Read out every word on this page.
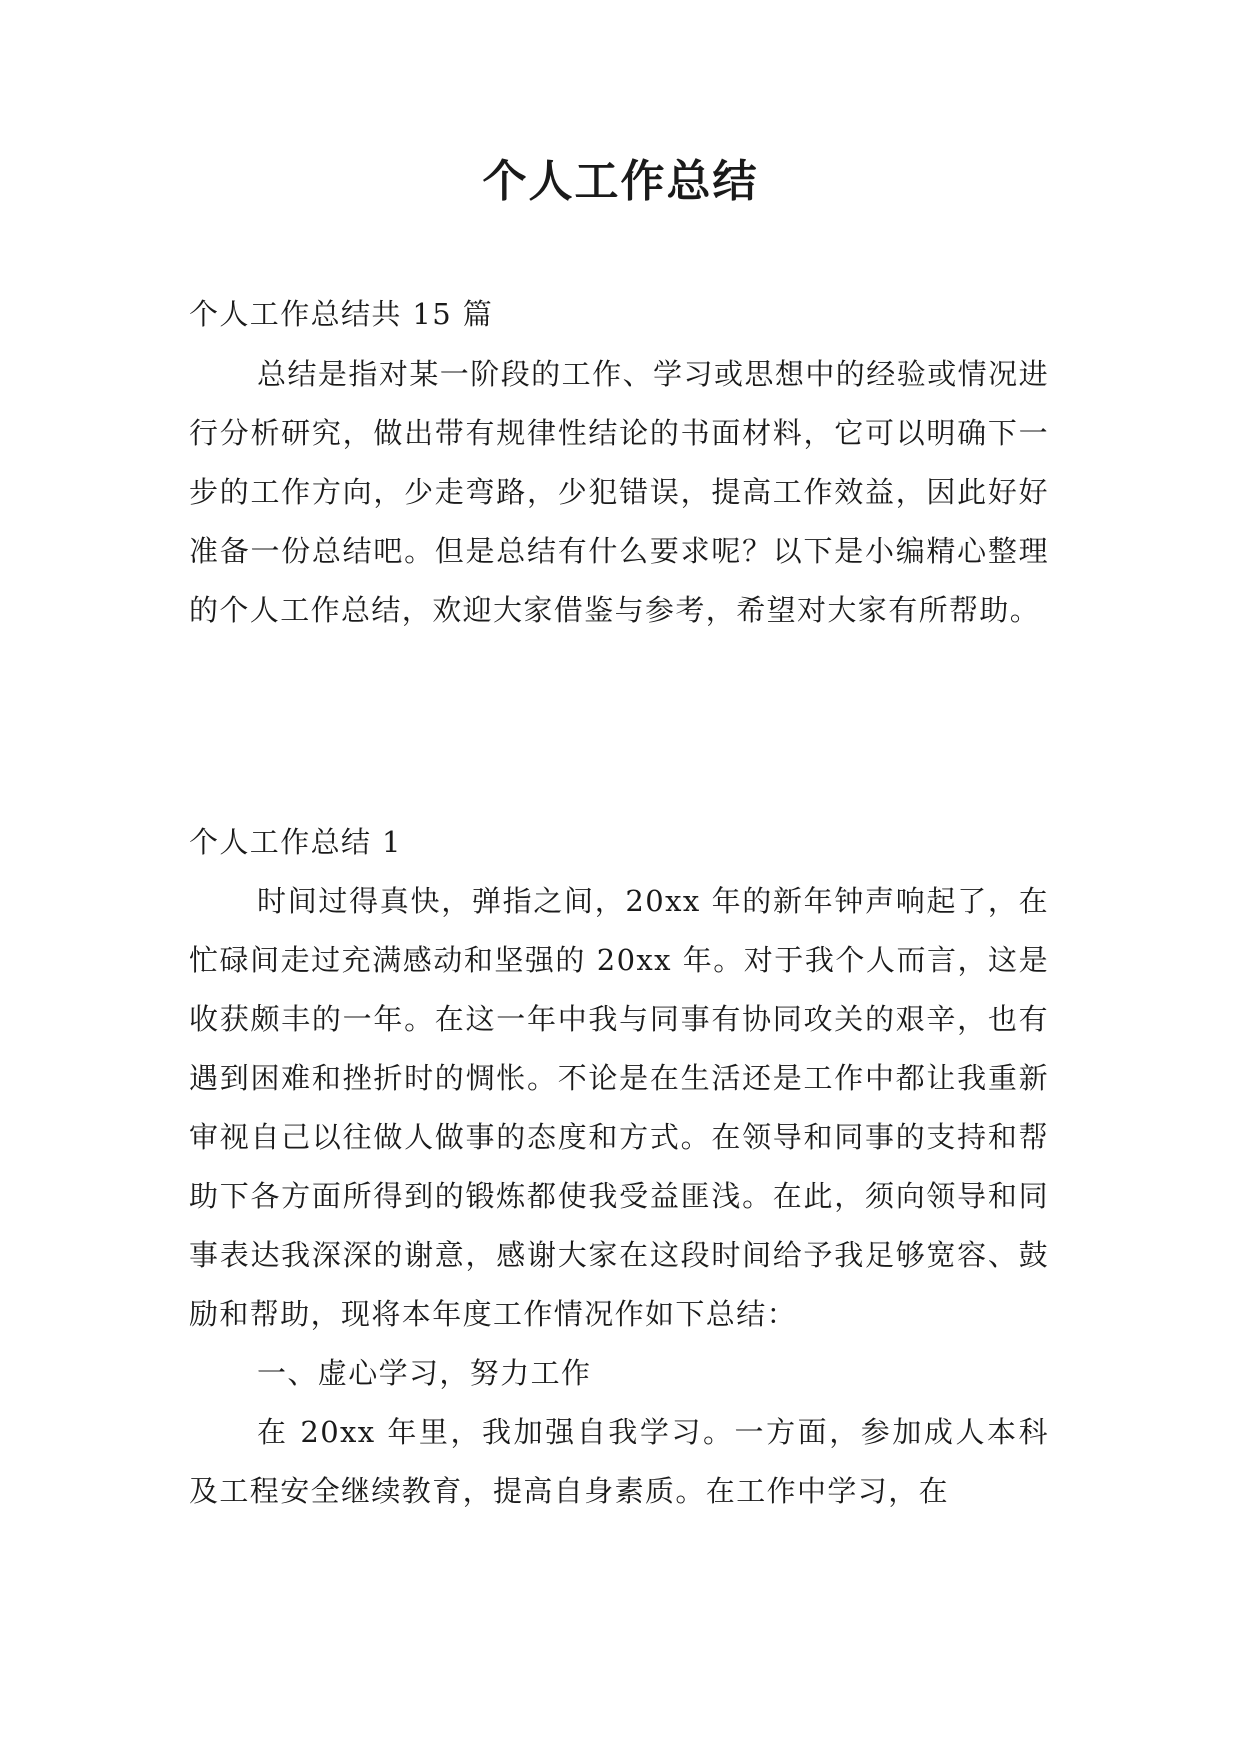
个人工作总结

个人工作总结共 15 篇

总结是指对某一阶段的工作、学习或思想中的经验或情况进行分析研究，做出带有规律性结论的书面材料，它可以明确下一步的工作方向，少走弯路，少犯错误，提高工作效益，因此好好准备一份总结吧。但是总结有什么要求呢？以下是小编精心整理的个人工作总结，欢迎大家借鉴与参考，希望对大家有所帮助。

个人工作总结 1

时间过得真快，弹指之间，20xx 年的新年钟声响起了，在忙碌间走过充满感动和坚强的 20xx 年。对于我个人而言，这是收获颇丰的一年。在这一年中我与同事有协同攻关的艰辛，也有遇到困难和挫折时的惆怅。不论是在生活还是工作中都让我重新审视自己以往做人做事的态度和方式。在领导和同事的支持和帮助下各方面所得到的锻炼都使我受益匪浅。在此，须向领导和同事表达我深深的谢意，感谢大家在这段时间给予我足够宽容、鼓励和帮助，现将本年度工作情况作如下总结：

一、虚心学习，努力工作

在 20xx 年里，我加强自我学习。一方面，参加成人本科及工程安全继续教育，提高自身素质。在工作中学习，在
